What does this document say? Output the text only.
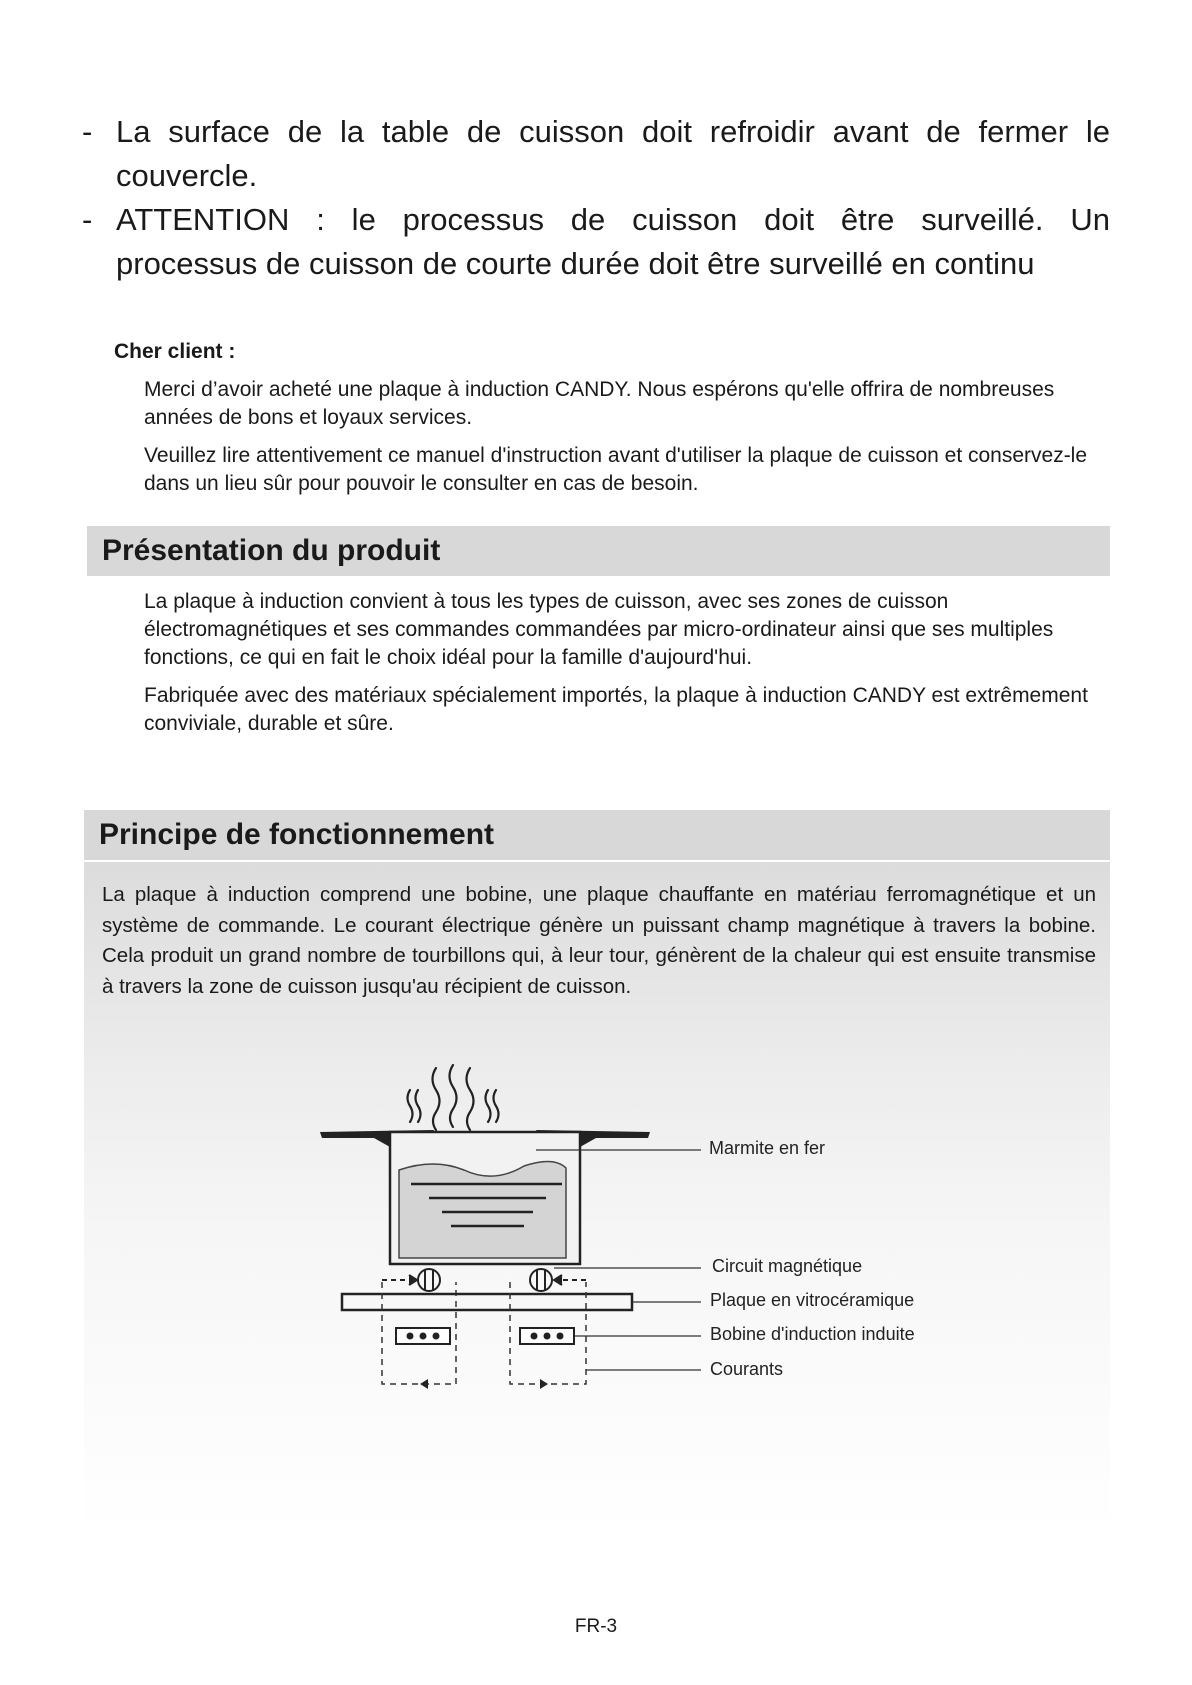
- La surface de la table de cuisson doit refroidir avant de fermer le couvercle.
- ATTENTION : le processus de cuisson doit être surveillé. Un
processus de cuisson de courte durée doit être surveillé en continu
Cher client :

Merci d’avoir acheté une plaque à induction CANDY. Nous espérons qu'elle offrira de nombreuses années de bons et loyaux services.

Veuillez lire attentivement ce manuel d'instruction avant d'utiliser la plaque de cuisson et conservez-le dans un lieu sûr pour pouvoir le consulter en cas de besoin.

Présentation du produit

La plaque à induction convient à tous les types de cuisson, avec ses zones de cuisson électromagnétiques et ses commandes commandées par micro-ordinateur ainsi que ses multiples fonctions, ce qui en fait le choix idéal pour la famille d'aujourd'hui.

Fabriquée avec des matériaux spécialement importés, la plaque à induction CANDY est extrêmement conviviale, durable et sûre.

Principe de fonctionnement

La plaque à induction comprend une bobine, une plaque chauffante en matériau ferromagnétique et un système de commande. Le courant électrique génère un puissant champ magnétique à travers la bobine. Cela produit un grand nombre de tourbillons qui, à leur tour, génèrent de la chaleur qui est ensuite transmise à travers la zone de cuisson jusqu'au récipient de cuisson.

Marmite en fer
Circuit magnétique
Plaque en vitrocéramique
Bobine d'induction induite
Courants
FR-3
